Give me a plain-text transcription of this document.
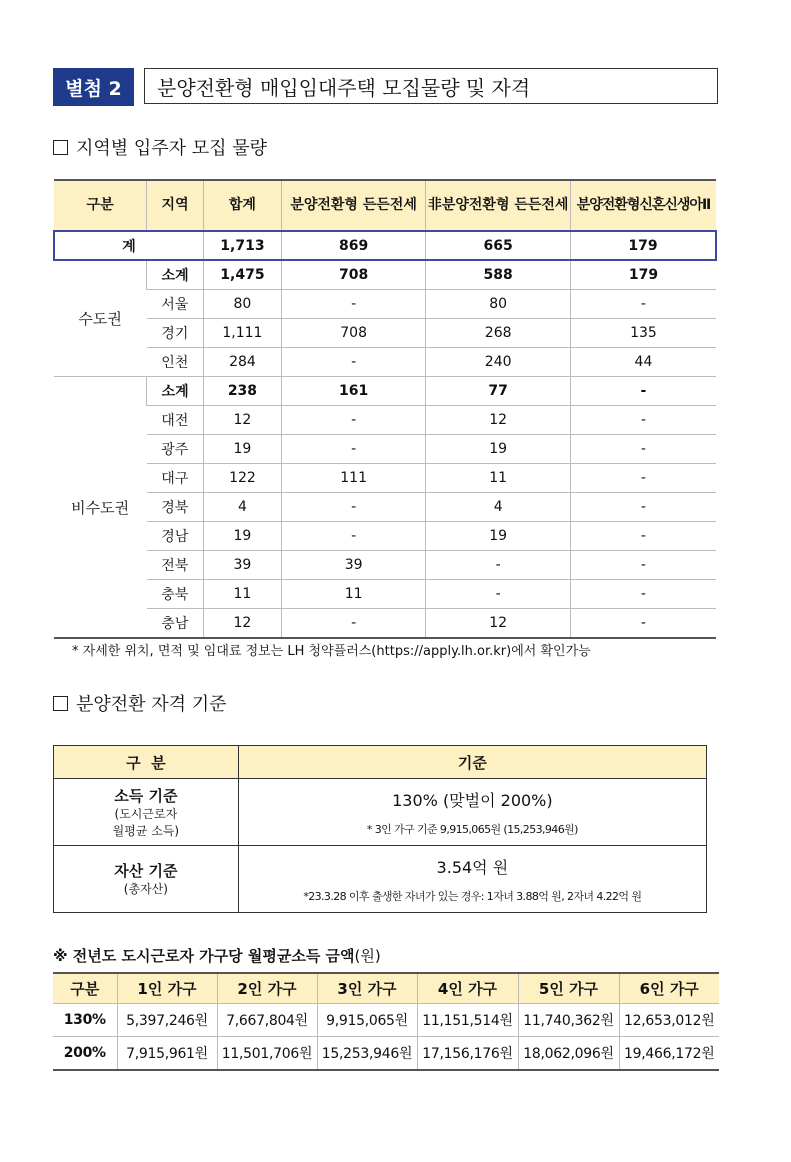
별첨 2	분양전환형 매입임대주택 모집물량 및 자격
지역별 입주자 모집 물량
구분	지역	합계	분양전환형 든든전세	非분양전환형 든든전세	분양전환형신혼신생아Ⅱ
계		1,713	869	665	179
수도권	소계	1,475	708	588	179
	서울	80	-	80	-
	경기	1,111	708	268	135
	인천	284	-	240	44
비수도권	소계	238	161	77	-
	대전	12	-	12	-
	광주	19	-	19	-
	대구	122	111	11	-
	경북	4	-	4	-
	경남	19	-	19	-
	전북	39	39	-	-
	충북	11	11	-	-
	충남	12	-	12	-
* 자세한 위치, 면적 및 임대료 정보는 LH 청약플러스(https://apply.lh.or.kr)에서 확인가능
분양전환 자격 기준
구  분	기준

소득 기준
(도시근로자
월평균 소득)	130% (맞벌이 200%)
* 3인 가구 기준 9,915,065원 (15,253,946원)

자산 기준
(총자산)	3.54억 원
*23.3.28 이후 출생한 자녀가 있는 경우: 1자녀 3.88억 원, 2자녀 4.22억 원
※ 전년도 도시근로자 가구당 월평균소득 금액(원)
구분	1인 가구	2인 가구	3인 가구	4인 가구	5인 가구	6인 가구
130%	5,397,246원	7,667,804원	9,915,065원	11,151,514원	11,740,362원	12,653,012원
200%	7,915,961원	11,501,706원	15,253,946원	17,156,176원	18,062,096원	19,466,172원
